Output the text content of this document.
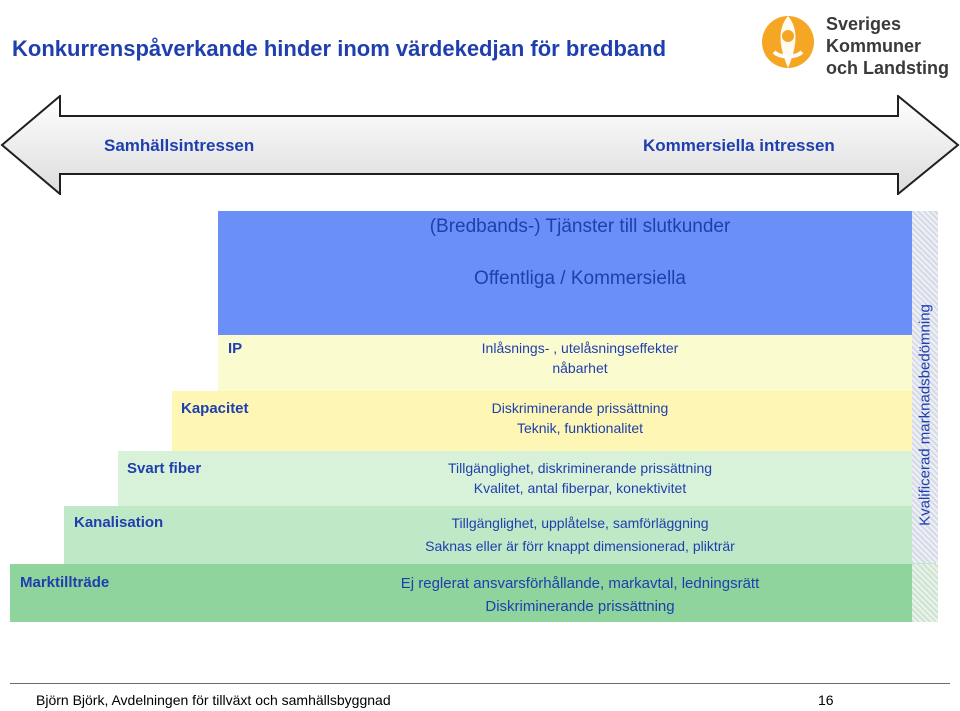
Konkurrenspåverkande hinder inom värdekedjan för bredband
Sveriges
Kommuner
och Landsting
Samhällsintressen	Kommersiella intressen
Kvalificerad marknadsbedömning
(Bredbands-) Tjänster till slutkunder
Offentliga / Kommersiella
IP	Inlåsnings- , utelåsningseffekter
nåbarhet
Kapacitet	Diskriminerande prissättning
Teknik, funktionalitet
Svart fiber	Tillgänglighet, diskriminerande prissättning
Kvalitet, antal fiberpar, konektivitet
Kanalisation	Tillgänglighet, upplåtelse, samförläggning
Saknas eller är förr knappt dimensionerad, plikträr
Marktillträde	Ej reglerat ansvarsförhållande, markavtal, ledningsrätt
Diskriminerande prissättning
Björn Björk, Avdelningen för tillväxt och samhällsbyggnad	16
